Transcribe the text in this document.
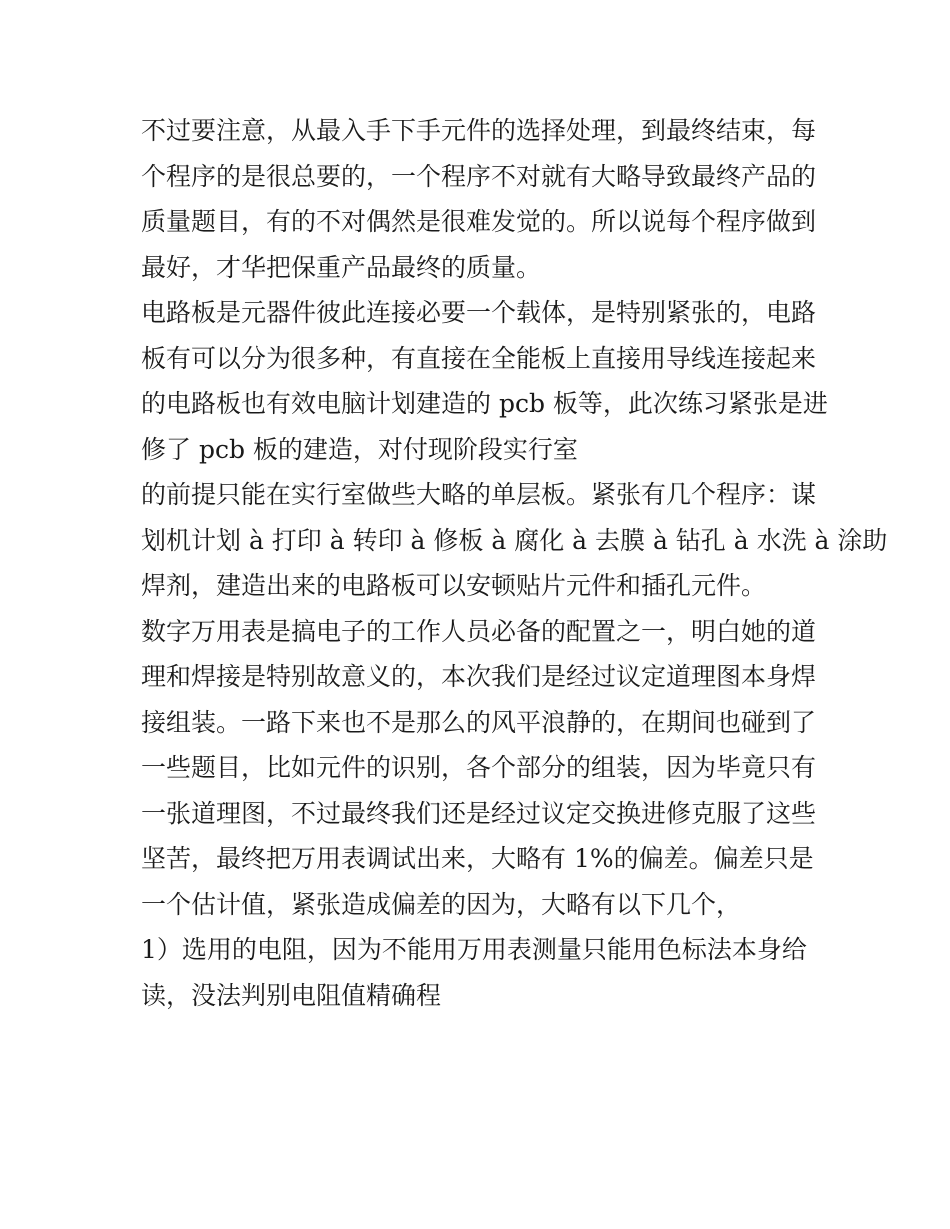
不过要注意，从最入手下手元件的选择处理，到最终结束，每
个程序的是很总要的，一个程序不对就有大略导致最终产品的
质量题目，有的不对偶然是很难发觉的。所以说每个程序做到
最好，才华把保重产品最终的质量。
电路板是元器件彼此连接必要一个载体，是特别紧张的，电路
板有可以分为很多种，有直接在全能板上直接用导线连接起来
的电路板也有效电脑计划建造的 pcb 板等，此次练习紧张是进
修了 pcb 板的建造，对付现阶段实行室
的前提只能在实行室做些大略的单层板。紧张有几个程序：谋
划机计划 à 打印 à 转印 à 修板 à 腐化 à 去膜 à 钻孔 à 水洗 à 涂助
焊剂，建造出来的电路板可以安顿贴片元件和插孔元件。
数字万用表是搞电子的工作人员必备的配置之一，明白她的道
理和焊接是特别故意义的，本次我们是经过议定道理图本身焊
接组装。一路下来也不是那么的风平浪静的，在期间也碰到了
一些题目，比如元件的识别，各个部分的组装，因为毕竟只有
一张道理图，不过最终我们还是经过议定交换进修克服了这些
坚苦，最终把万用表调试出来，大略有 1%的偏差。偏差只是
一个估计值，紧张造成偏差的因为，大略有以下几个，
1）选用的电阻，因为不能用万用表测量只能用色标法本身给
读，没法判别电阻值精确程
